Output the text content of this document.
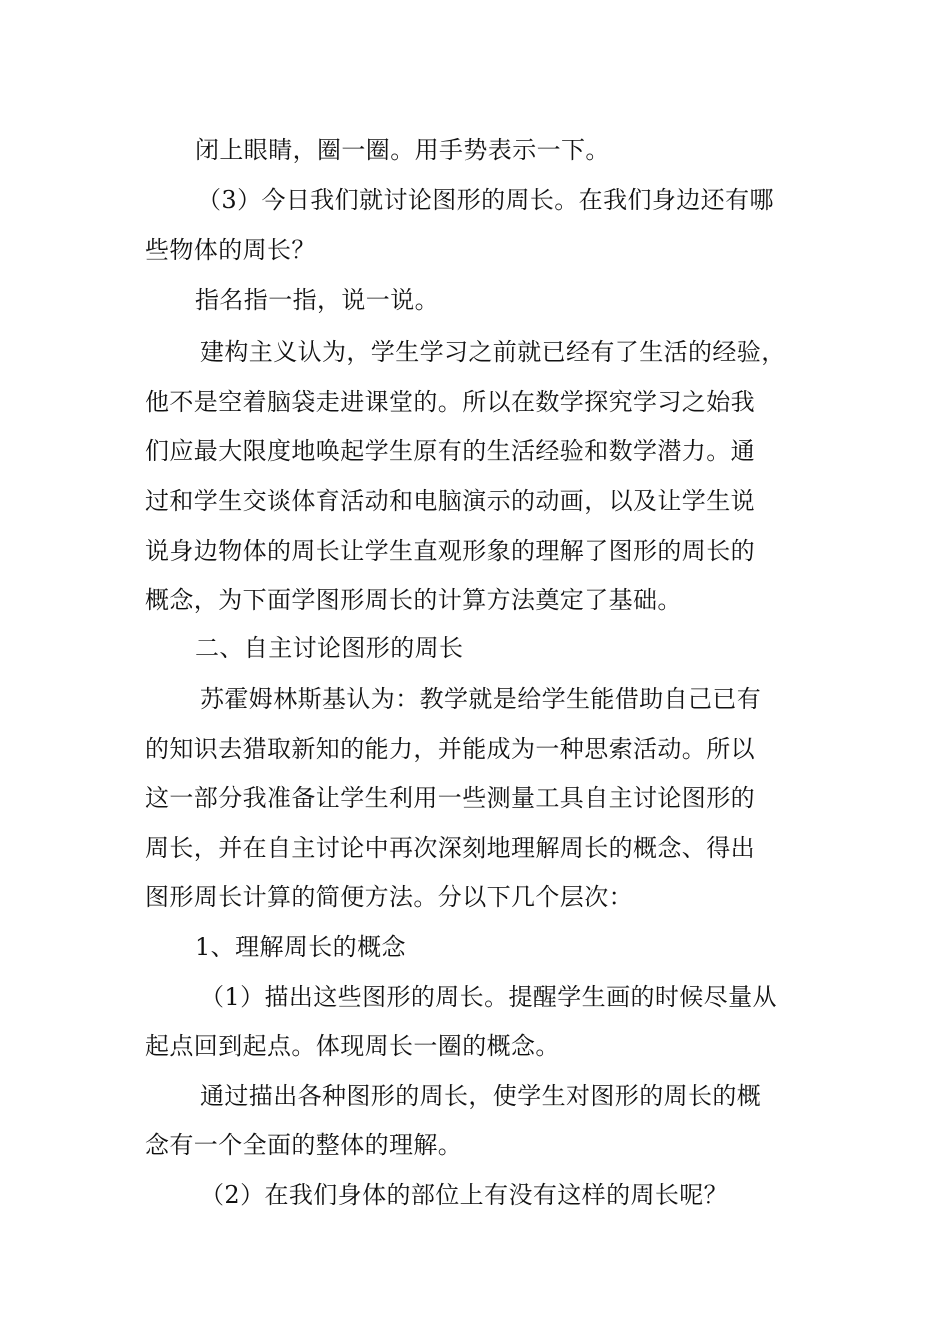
闭上眼睛，圈一圈。用手势表示一下。
（3）今日我们就讨论图形的周长。在我们身边还有哪
些物体的周长？
指名指一指，说一说。
建构主义认为，学生学习之前就已经有了生活的经验，
他不是空着脑袋走进课堂的。所以在数学探究学习之始我
们应最大限度地唤起学生原有的生活经验和数学潜力。通
过和学生交谈体育活动和电脑演示的动画，以及让学生说
说身边物体的周长让学生直观形象的理解了图形的周长的
概念，为下面学图形周长的计算方法奠定了基础。
二、自主讨论图形的周长
苏霍姆林斯基认为：教学就是给学生能借助自己已有
的知识去猎取新知的能力，并能成为一种思索活动。所以
这一部分我准备让学生利用一些测量工具自主讨论图形的
周长，并在自主讨论中再次深刻地理解周长的概念、得出
图形周长计算的简便方法。分以下几个层次：
1、理解周长的概念
（1）描出这些图形的周长。提醒学生画的时候尽量从
起点回到起点。体现周长一圈的概念。
通过描出各种图形的周长，使学生对图形的周长的概
念有一个全面的整体的理解。
（2）在我们身体的部位上有没有这样的周长呢？
